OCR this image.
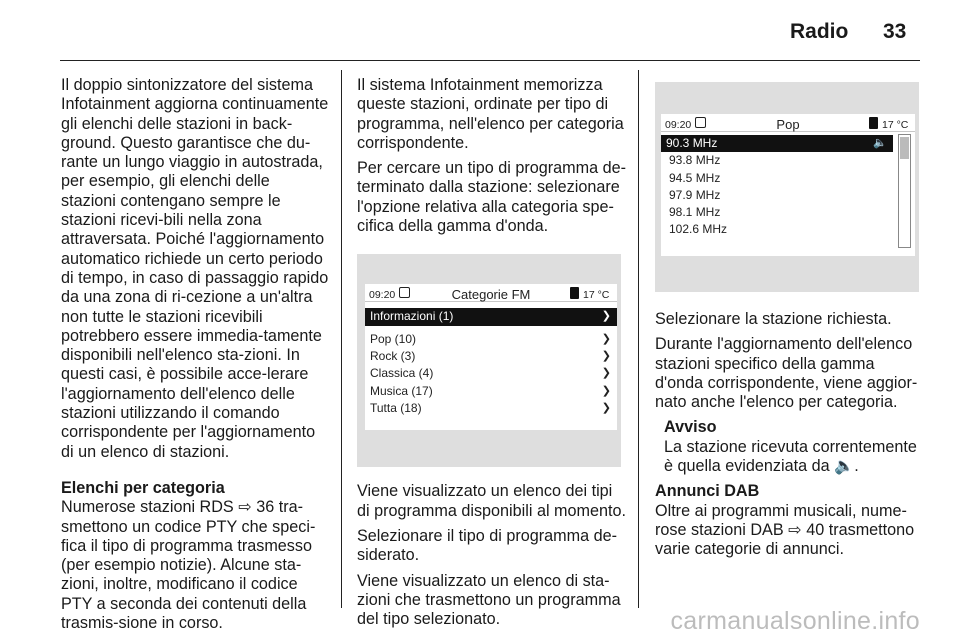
Radio 33

Il doppio sintonizzatore del sistema Infotainment aggiorna continuamente gli elenchi delle stazioni in back-ground. Questo garantisce che du-rante un lungo viaggio in autostrada, per esempio, gli elenchi delle stazioni contengano sempre le stazioni ricevi-bili nella zona attraversata. Poiché l'aggiornamento automatico richiede un certo periodo di tempo, in caso di passaggio rapido da una zona di ri-cezione a un'altra non tutte le stazioni ricevibili potrebbero essere immedia-tamente disponibili nell'elenco sta-zioni. In questi casi, è possibile acce-lerare l'aggiornamento dell'elenco delle stazioni utilizzando il comando corrispondente per l'aggiornamento di un elenco di stazioni.

Elenchi per categoria

Numerose stazioni RDS ⇨ 36 tra-smettono un codice PTY che speci-fica il tipo di programma trasmesso (per esempio notizie). Alcune sta-zioni, inoltre, modificano il codice PTY a seconda dei contenuti della trasmis-sione in corso.

Il sistema Infotainment memorizza queste stazioni, ordinate per tipo di programma, nell'elenco per categoria corrispondente.

Per cercare un tipo di programma de-terminato dalla stazione: selezionare l'opzione relativa alla categoria spe-cifica della gamma d'onda.

09:20	Categorie FM	17 °C
Informazioni (1)	❯
Pop (10)	❯
Rock (3)	❯
Classica (4)	❯
Musica (17)	❯
Tutta (18)	❯

Viene visualizzato un elenco dei tipi di programma disponibili al momento.

Selezionare il tipo di programma de-siderato.

Viene visualizzato un elenco di sta-zioni che trasmettono un programma del tipo selezionato.

09:20	Pop	17 °C
90.3 MHz	🔈
93.8 MHz
94.5 MHz
97.9 MHz
98.1 MHz
102.6 MHz

Selezionare la stazione richiesta.

Durante l'aggiornamento dell'elenco stazioni specifico della gamma d'onda corrispondente, viene aggior-nato anche l'elenco per categoria.

Avviso

La stazione ricevuta correntemente è quella evidenziata da 🔈.

Annunci DAB

Oltre ai programmi musicali, nume-rose stazioni DAB ⇨ 40 trasmettono varie categorie di annunci.

carmanualsonline.info
